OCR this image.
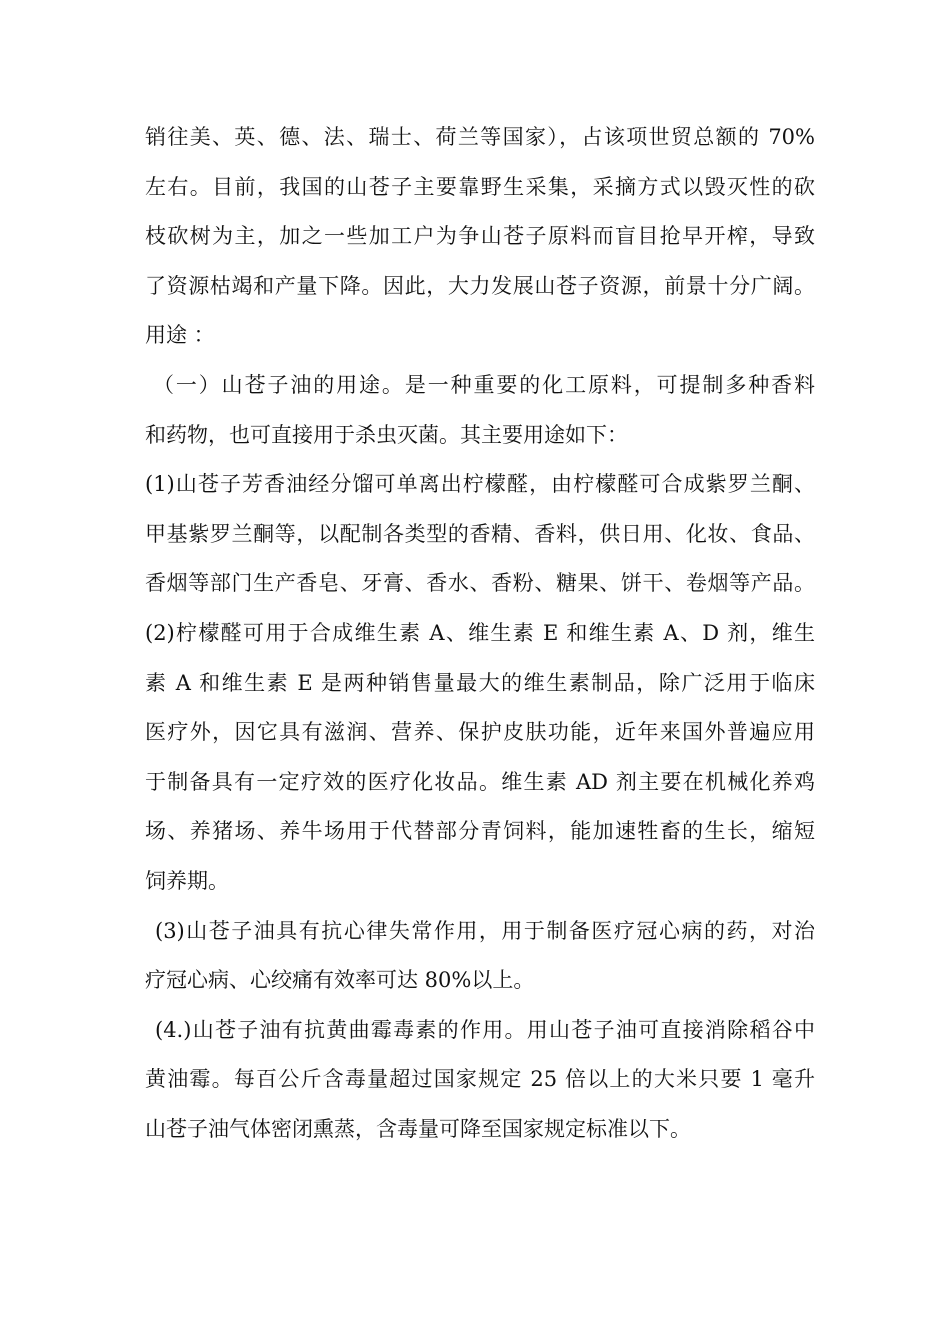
销往美、英、德、法、瑞士、荷兰等国家），占该项世贸总额的 70%
左右。目前，我国的山苍子主要靠野生采集，采摘方式以毁灭性的砍
枝砍树为主，加之一些加工户为争山苍子原料而盲目抢早开榨，导致
了资源枯竭和产量下降。因此，大力发展山苍子资源，前景十分广阔。
用途 ：
（一）山苍子油的用途。是一种重要的化工原料，可提制多种香料
和药物，也可直接用于杀虫灭菌。其主要用途如下：
(1)山苍子芳香油经分馏可单离出柠檬醛，由柠檬醛可合成紫罗兰酮、
甲基紫罗兰酮等，以配制各类型的香精、香料，供日用、化妆、食品、
香烟等部门生产香皂、牙膏、香水、香粉、糖果、饼干、卷烟等产品。
(2)柠檬醛可用于合成维生素 A、维生素 E 和维生素 A、D 剂，维生
素 A 和维生素 E 是两种销售量最大的维生素制品，除广泛用于临床
医疗外，因它具有滋润、营养、保护皮肤功能，近年来国外普遍应用
于制备具有一定疗效的医疗化妆品。维生素 AD 剂主要在机械化养鸡
场、养猪场、养牛场用于代替部分青饲料，能加速牲畜的生长，缩短
饲养期。
(3)山苍子油具有抗心律失常作用，用于制备医疗冠心病的药，对治
疗冠心病、心绞痛有效率可达 80%以上。
(4.)山苍子油有抗黄曲霉毒素的作用。用山苍子油可直接消除稻谷中
黄油霉。每百公斤含毒量超过国家规定 25 倍以上的大米只要 1 毫升
山苍子油气体密闭熏蒸，含毒量可降至国家规定标准以下。
